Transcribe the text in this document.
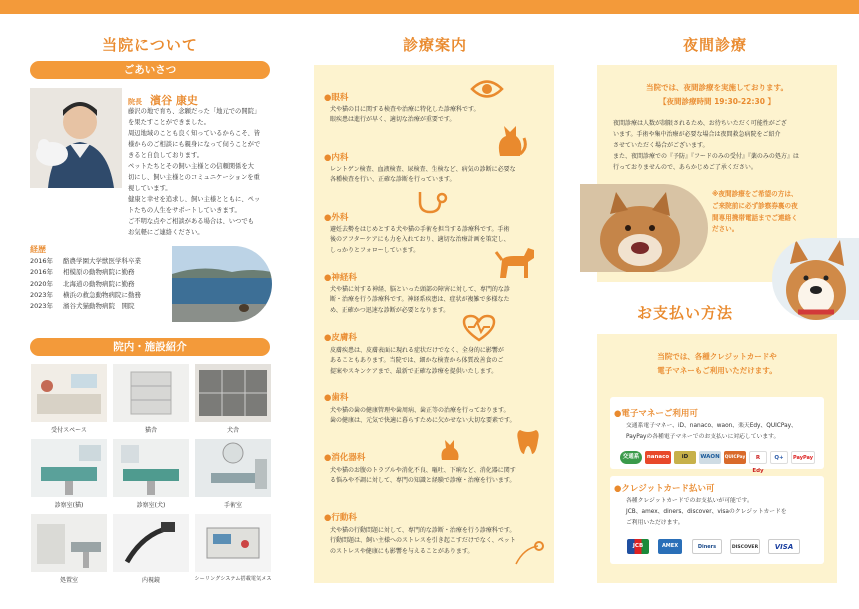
当院について
ごあいさつ
院長 濱谷 康史
藤沢の地で育ち、念願だった「地元での開院」
を果たすことができました。
周辺地域のことも良く知っているからこそ、皆
様からのご相談にも親身になって伺うことがで
きると自負しております。
ペットたちとその飼い主様との信頼関係を大
切にし、飼い主様とのコミュニケーションを重
視しています。
健康と幸せを追求し、飼い主様とともに、ペッ
トたちの人生をサポートしていきます。
ご不明な点やご相談がある場合は、いつでも
お気軽にご連絡ください。
経歴
2016年 酪農学園大学獣医学科卒業
2016年 相模原の動物病院に勤務
2020年 北海道の動物病院に勤務
2023年 横浜の救急動物病院に勤務
2023年 濱谷犬猫動物病院　開院
院内・施設紹介
受付スペース	猫舎	犬舎
診察室(猫)	診察室(犬)	手術室
処置室	内視鏡	シーリングシステム搭載電気メス
診療案内
●眼科
犬や猫の目に関する検査や治療に特化した診療科です。
眼疾患は進行が早く、適切な治療が重要です。
●内科
レントゲン検査、血液検査、尿検査、生検など、病気の診断に必要な
各種検査を行い、正確な診断を行っています。
●外科
避妊去勢をはじめとする犬や猫の手術を担当する診療科です。手術
後のアフターケアにも力を入れており、適切な治療計画を策定し、
しっかりとフォローしています。
●神経科
犬や猫に対する神経、脳といった頭部の障害に対して、専門的な診
断・治療を行う診療科です。神経系疾患は、症状が複雑で多様なた
め、正確かつ迅速な診断が必要となります。
●皮膚科
皮膚疾患は、皮膚表面に現れる症状だけでなく、全身的に影響が
あることもあります。当院では、細かな検査から体質改善食のご
提案やスキンケアまで、最新で正確な診療を提供いたします。
●歯科
犬や猫の歯の健康管理や歯周病、歯正等の治療を行っております。
歯の健康は、元気で快適に暮らすために欠かせない大切な要素です。
●消化器科
犬や猫のお腹のトラブルや消化不良、嘔吐、下痢など、消化器に関す
る悩みや不調に対して、専門の知識と経験で診療・治療を行います。
●行動科
犬や猫の行動問題に対して、専門的な診断・治療を行う診療科です。
行動問題は、飼い主様へのストレスを引き起こすだけでなく、ペット
のストレスや健康にも影響を与えることがあります。
夜間診療
当院では、夜間診療を実施しております。
【夜間診療時間 19:30-22:30 】
夜間診療は人数が制限されるため、お待ちいただく可能性がござ
います。手術や集中治療が必要な場合は夜間救急病院をご紹介
させていただく場合がございます。
また、夜間診療での『予防』『フードのみの受付』『薬のみの処方』は
行っておりませんので、あらかじめご了承ください。
※夜間診療をご希望の方は、
ご来院前に必ず診察券裏の夜
間専用携帯電話までご連絡く
ださい。
お支払い方法
当院では、各種クレジットカードや
電子マネーもご利用いただけます。
●電子マネーご利用可
交通系電子マネー、iD、nanaco、waon、楽天Edy、QUICPay、
PayPayの各種電子マネーでのお支払いに対応しています。
交通系	nanaco	iD	WAON	QUICPay	R Edy
Q+	PayPay
●クレジットカード払い可
各種クレジットカードでのお支払いが可能です。
JCB、amex、diners、discover、visaのクレジットカードを
ご利用いただけます。
JCB	AMEX	Diners	DISCOVER	VISA
